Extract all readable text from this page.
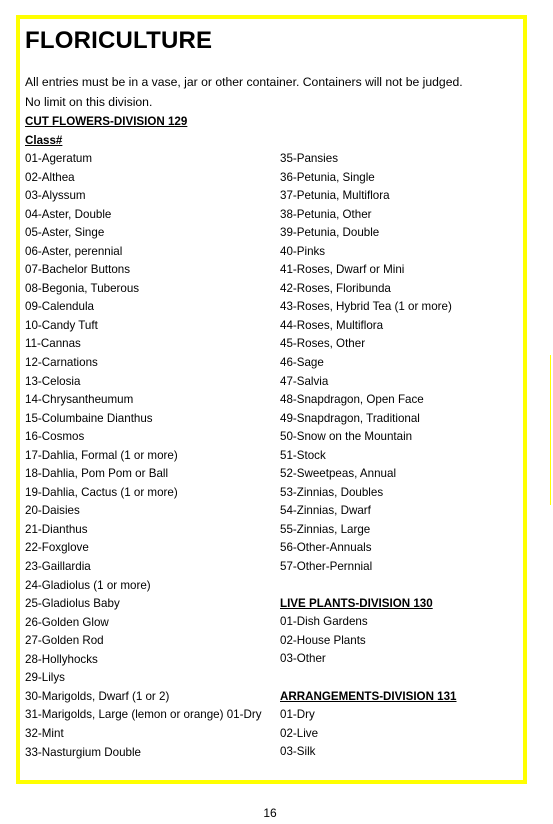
FLORICULTURE
All entries must be in a vase, jar or other container. Containers will not be judged.
No limit on this division.
CUT FLOWERS-DIVISION 129
Class#
01-Ageratum
02-Althea
03-Alyssum
04-Aster, Double
05-Aster, Singe
06-Aster, perennial
07-Bachelor Buttons
08-Begonia, Tuberous
09-Calendula
10-Candy Tuft
11-Cannas
12-Carnations
13-Celosia
14-Chrysantheumum
15-Columbaine Dianthus
16-Cosmos
17-Dahlia, Formal (1 or more)
18-Dahlia, Pom Pom or Ball
19-Dahlia, Cactus (1 or more)
20-Daisies
21-Dianthus
22-Foxglove
23-Gaillardia
24-Gladiolus (1 or more)
25-Gladiolus Baby
26-Golden Glow
27-Golden Rod
28-Hollyhocks
29-Lilys
30-Marigolds, Dwarf (1 or 2)
31-Marigolds, Large (lemon or orange) 01-Dry
32-Mint
33-Nasturgium Double
35-Pansies
36-Petunia, Single
37-Petunia, Multiflora
38-Petunia, Other
39-Petunia, Double
40-Pinks
41-Roses, Dwarf or Mini
42-Roses, Floribunda
43-Roses, Hybrid Tea (1 or more)
44-Roses, Multiflora
45-Roses, Other
46-Sage
47-Salvia
48-Snapdragon, Open Face
49-Snapdragon, Traditional
50-Snow on the Mountain
51-Stock
52-Sweetpeas, Annual
53-Zinnias, Doubles
54-Zinnias, Dwarf
55-Zinnias, Large
56-Other-Annuals
57-Other-Pernnial
LIVE PLANTS-DIVISION 130
01-Dish Gardens
02-House Plants
03-Other
ARRANGEMENTS-DIVISION 131
01-Dry
02-Live
03-Silk
16
